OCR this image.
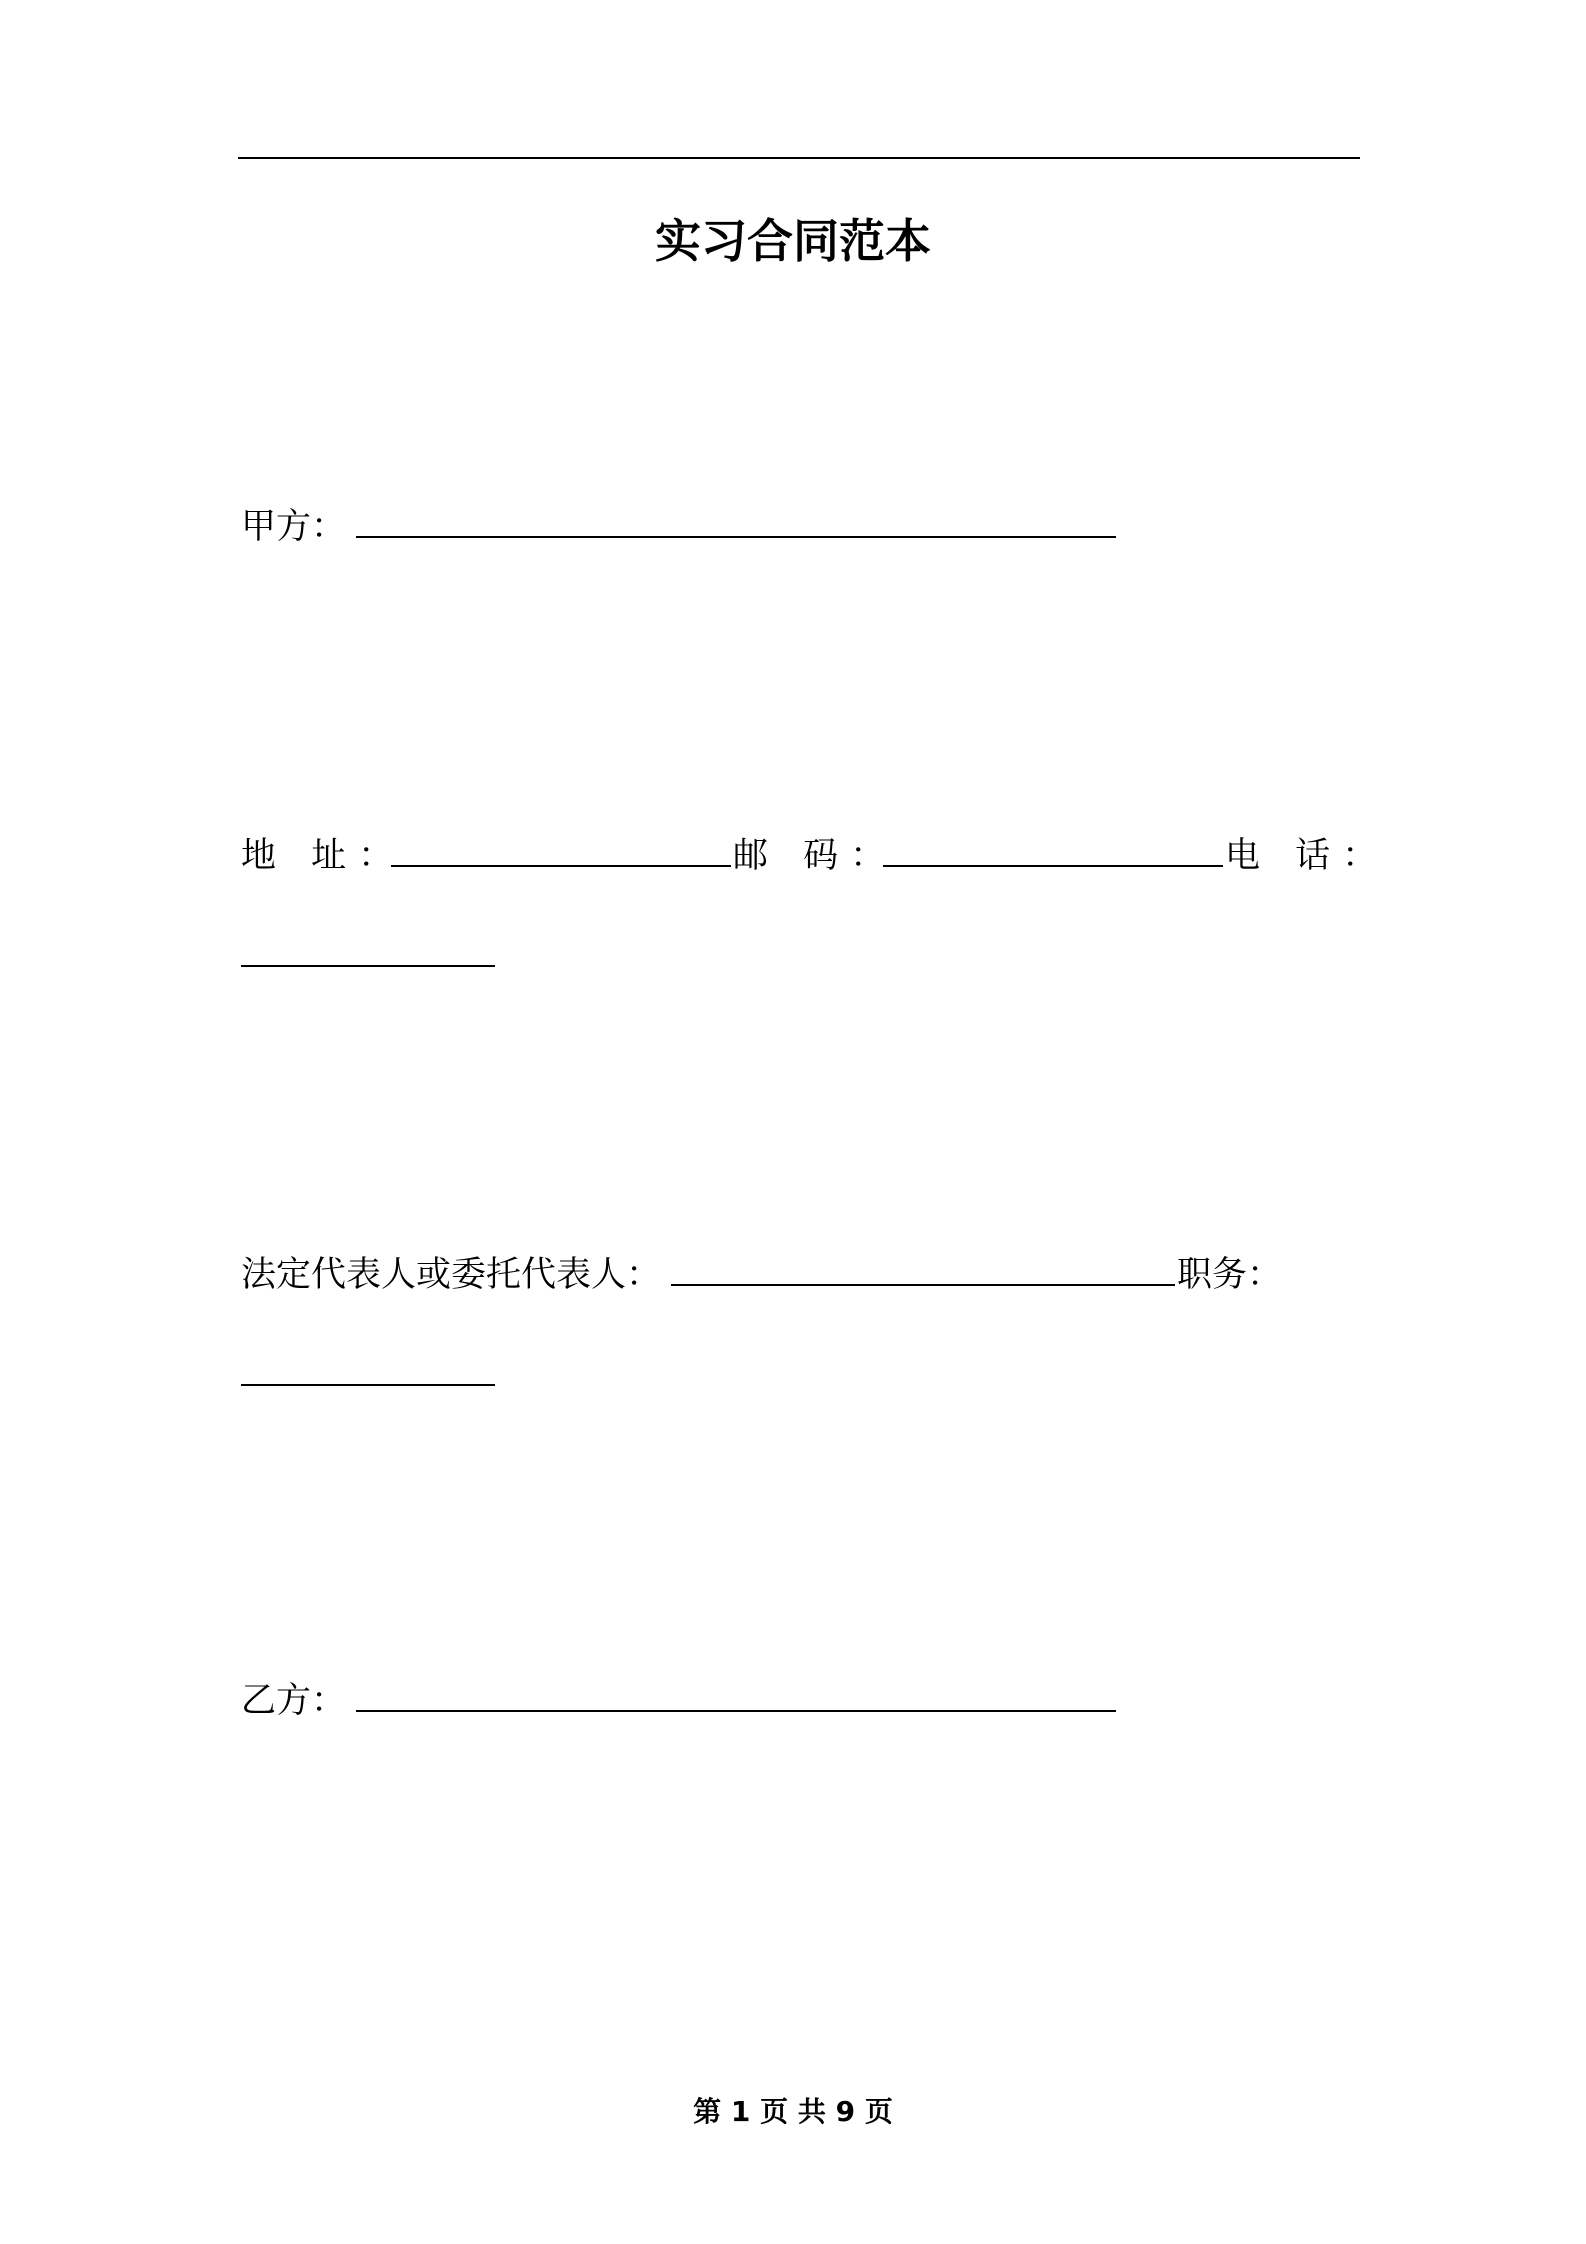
实习合同范本
甲方：
地 址：	邮 码：	电 话：
法定代表人或委托代表人：	职务：
乙方：
第 1 页 共 9 页
